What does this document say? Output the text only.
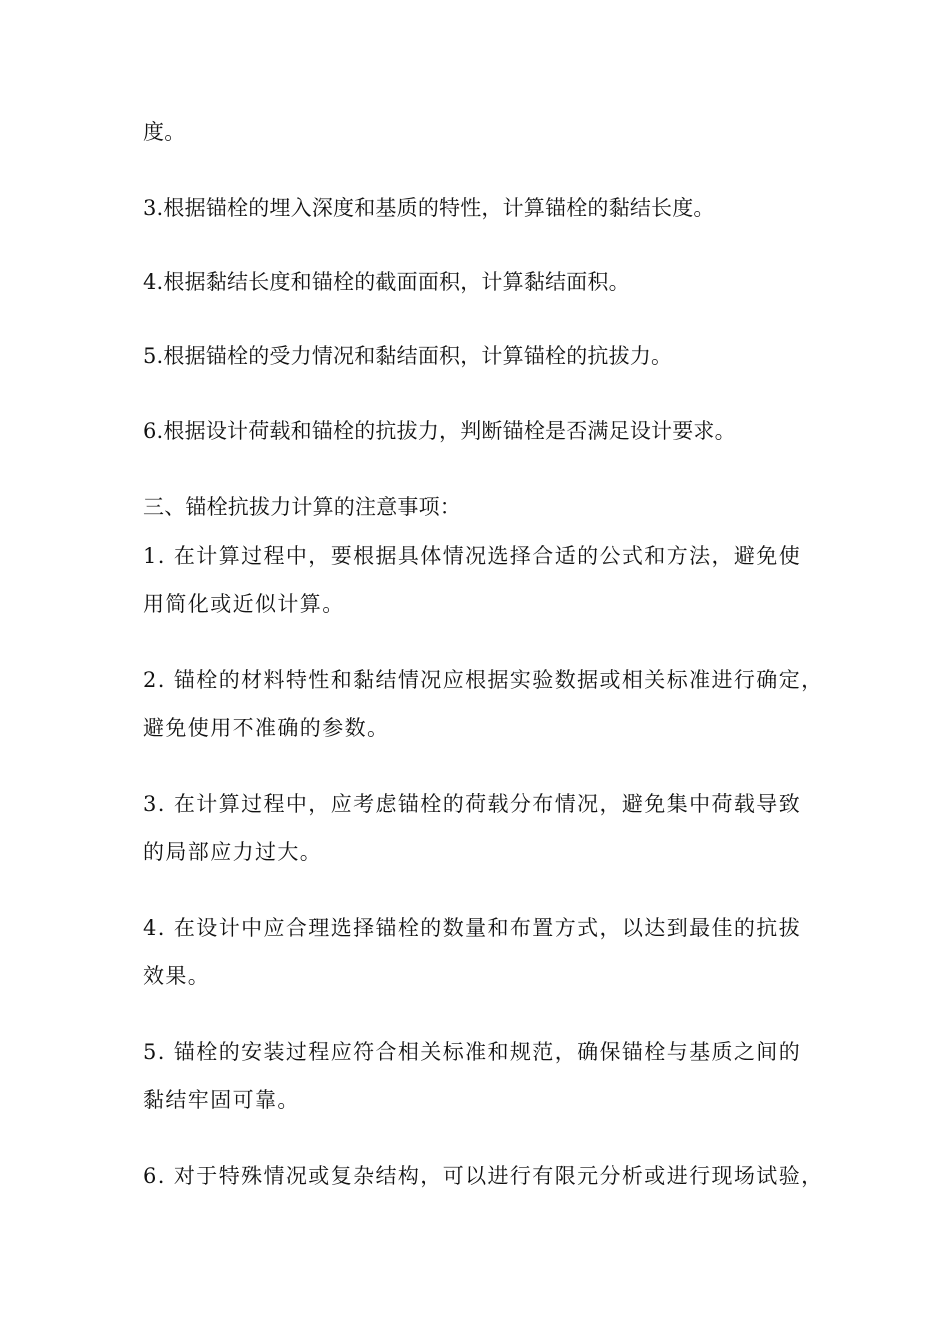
度。
3.根据锚栓的埋入深度和基质的特性，计算锚栓的黏结长度。
4.根据黏结长度和锚栓的截面面积，计算黏结面积。
5.根据锚栓的受力情况和黏结面积，计算锚栓的抗拔力。
6.根据设计荷载和锚栓的抗拔力，判断锚栓是否满足设计要求。
三、锚栓抗拔力计算的注意事项：
1. 在计算过程中，要根据具体情况选择合适的公式和方法，避免使
用简化或近似计算。
2. 锚栓的材料特性和黏结情况应根据实验数据或相关标准进行确定，
避免使用不准确的参数。
3. 在计算过程中，应考虑锚栓的荷载分布情况，避免集中荷载导致
的局部应力过大。
4. 在设计中应合理选择锚栓的数量和布置方式，以达到最佳的抗拔
效果。
5. 锚栓的安装过程应符合相关标准和规范，确保锚栓与基质之间的
黏结牢固可靠。
6. 对于特殊情况或复杂结构，可以进行有限元分析或进行现场试验，
